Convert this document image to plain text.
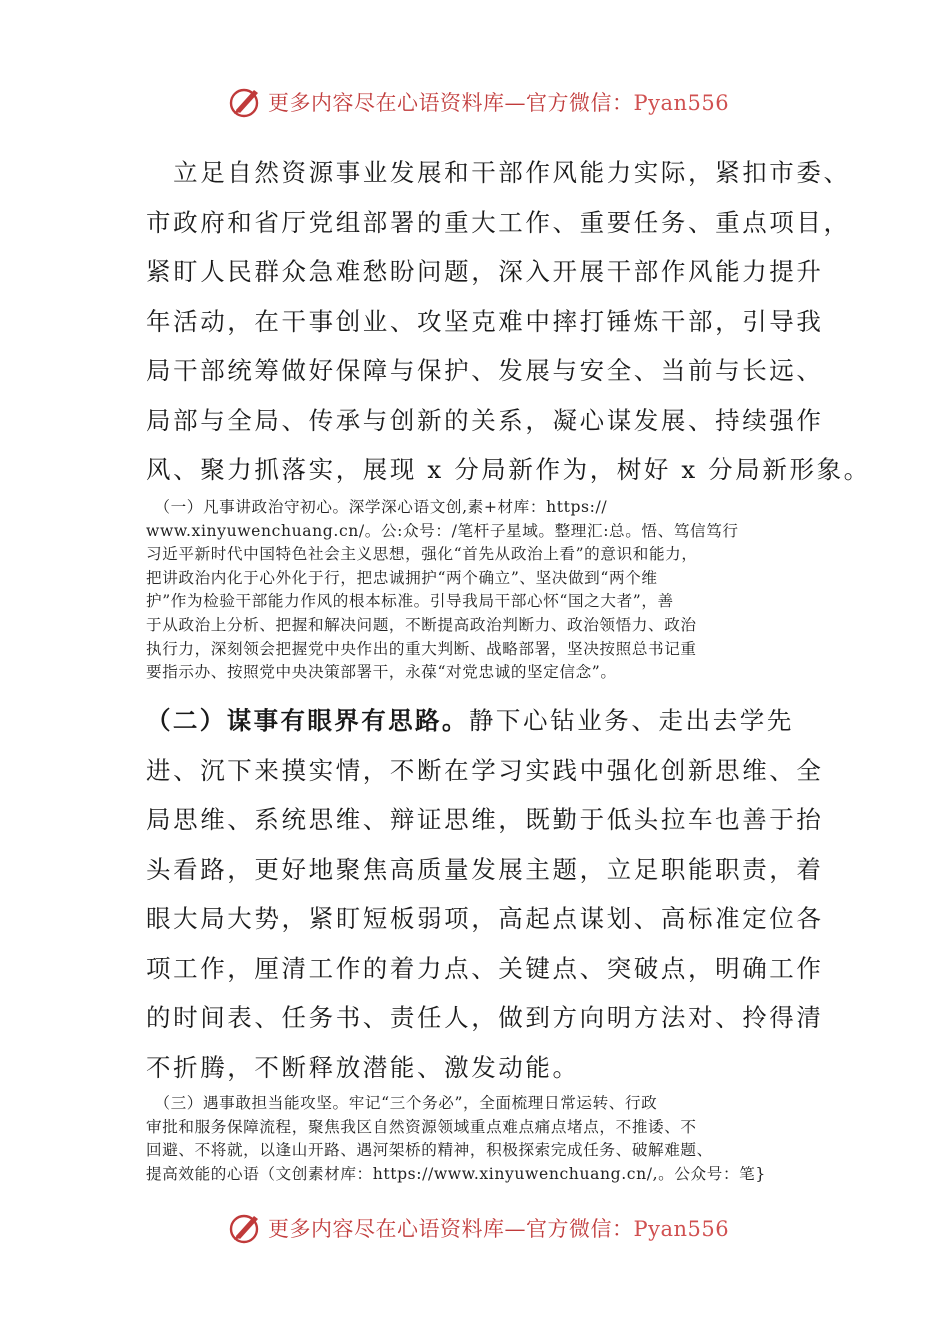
更多内容尽在心语资料库—官方微信：Pyan556
　立足自然资源事业发展和干部作风能力实际，紧扣市委、
市政府和省厅党组部署的重大工作、重要任务、重点项目，
紧盯人民群众急难愁盼问题，深入开展干部作风能力提升
年活动，在干事创业、攻坚克难中摔打锤炼干部，引导我
局干部统筹做好保障与保护、发展与安全、当前与长远、
局部与全局、传承与创新的关系，凝心谋发展、持续强作
风、聚力抓落实，展现 x 分局新作为，树好 x 分局新形象。
　（一）凡事讲政治守初心。深学深心语文创,素+材库：https://
www.xinyuwenchuang.cn/。公:众号：/笔杆子星域。整理汇:总。悟、笃信笃行
习近平新时代中国特色社会主义思想，强化“首先从政治上看”的意识和能力，
把讲政治内化于心外化于行，把忠诚拥护“两个确立”、坚决做到“两个维
护”作为检验干部能力作风的根本标准。引导我局干部心怀“国之大者”，善
于从政治上分析、把握和解决问题，不断提高政治判断力、政治领悟力、政治
执行力，深刻领会把握党中央作出的重大判断、战略部署，坚决按照总书记重
要指示办、按照党中央决策部署干，永葆“对党忠诚的坚定信念”。
（二）谋事有眼界有思路。静下心钻业务、走出去学先
进、沉下来摸实情，不断在学习实践中强化创新思维、全
局思维、系统思维、辩证思维，既勤于低头拉车也善于抬
头看路，更好地聚焦高质量发展主题，立足职能职责，着
眼大局大势，紧盯短板弱项，高起点谋划、高标准定位各
项工作，厘清工作的着力点、关键点、突破点，明确工作
的时间表、任务书、责任人，做到方向明方法对、拎得清
不折腾，不断释放潜能、激发动能。
　（三）遇事敢担当能攻坚。牢记“三个务必”，全面梳理日常运转、行政
审批和服务保障流程，聚焦我区自然资源领域重点难点痛点堵点，不推诿、不
回避、不将就，以逢山开路、遇河架桥的精神，积极探索完成任务、破解难题、
提高效能的心语（文创素材库：https://www.xinyuwenchuang.cn/,。公众号：笔}
更多内容尽在心语资料库—官方微信：Pyan556
